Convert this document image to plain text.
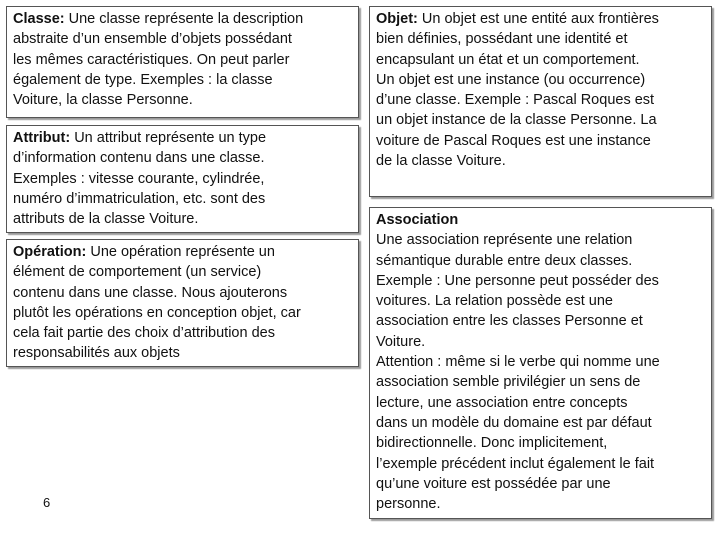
Classe: Une classe représente la description
abstraite d’un ensemble d’objets possédant
les mêmes caractéristiques. On peut parler
également de type. Exemples : la classe
Voiture, la classe Personne.
Attribut: Un attribut représente un type
d’information contenu dans une classe.
Exemples : vitesse courante, cylindrée,
numéro d’immatriculation, etc. sont des
attributs de la classe Voiture.
Opération: Une opération représente un
élément de comportement (un service)
contenu dans une classe. Nous ajouterons
plutôt les opérations en conception objet, car
cela fait partie des choix d’attribution des
responsabilités aux objets
Objet: Un objet est une entité aux frontières
bien définies, possédant une identité et
encapsulant un état et un comportement.
Un objet est une instance (ou occurrence)
d’une classe. Exemple : Pascal Roques est
un objet instance de la classe Personne. La
voiture de Pascal Roques est une instance
de la classe Voiture.
Association
Une association représente une relation
sémantique durable entre deux classes.
Exemple : Une personne peut posséder des
voitures. La relation possède est une
association entre les classes Personne et
Voiture.
Attention : même si le verbe qui nomme une
association semble privilégier un sens de
lecture, une association entre concepts
dans un modèle du domaine est par défaut
bidirectionnelle. Donc implicitement,
l’exemple précédent inclut également le fait
qu’une voiture est possédée par une
personne.
6
